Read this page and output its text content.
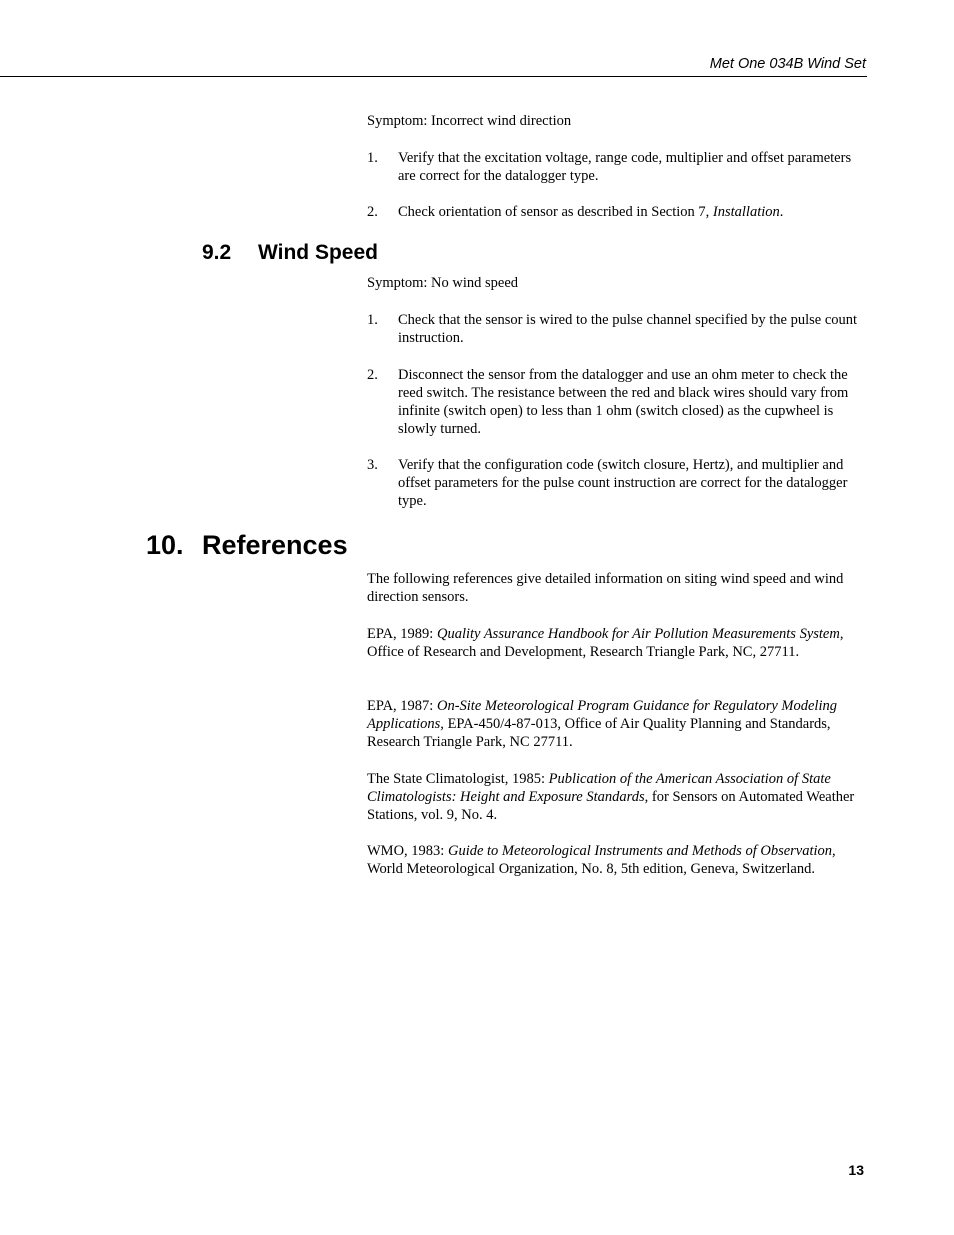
Met One 034B Wind Set

Symptom: Incorrect wind direction

1.	Verify that the excitation voltage, range code, multiplier and offset parameters are correct for the datalogger type.
2.	Check orientation of sensor as described in Section 7, Installation.
9.2 Wind Speed

Symptom: No wind speed

1.	Check that the sensor is wired to the pulse channel specified by the pulse count instruction.
2.	Disconnect the sensor from the datalogger and use an ohm meter to check the reed switch. The resistance between the red and black wires should vary from infinite (switch open) to less than 1 ohm (switch closed) as the cupwheel is slowly turned.
3.	Verify that the configuration code (switch closure, Hertz), and multiplier and offset parameters for the pulse count instruction are correct for the datalogger type.
10. References

The following references give detailed information on siting wind speed and wind direction sensors.

EPA, 1989: Quality Assurance Handbook for Air Pollution Measurements System, Office of Research and Development, Research Triangle Park, NC, 27711.

EPA, 1987: On-Site Meteorological Program Guidance for Regulatory Modeling Applications, EPA-450/4-87-013, Office of Air Quality Planning and Standards, Research Triangle Park, NC 27711.

The State Climatologist, 1985: Publication of the American Association of State Climatologists: Height and Exposure Standards, for Sensors on Automated Weather Stations, vol. 9, No. 4.

WMO, 1983: Guide to Meteorological Instruments and Methods of Observation, World Meteorological Organization, No. 8, 5th edition, Geneva, Switzerland.

13
